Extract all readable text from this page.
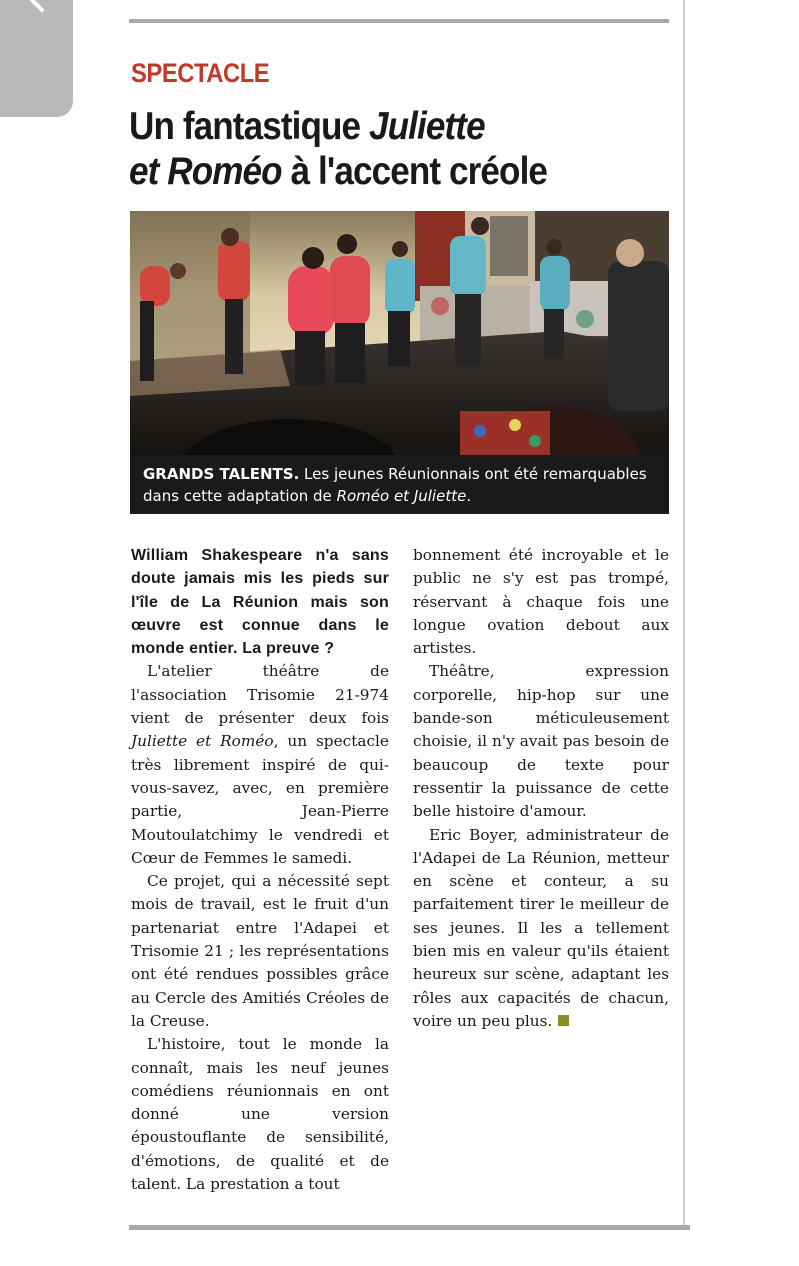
SPECTACLE
Un fantastique Juliette
et Roméo à l'accent créole
GRANDS TALENTS. Les jeunes Réunionnais ont été remarquables dans cette adaptation de Roméo et Juliette.

William Shakespeare n'a sans doute jamais mis les pieds sur l'île de La Réunion mais son œuvre est connue dans le monde entier. La preuve ?

L'atelier théâtre de l'association Trisomie 21-974 vient de présenter deux fois Juliette et Roméo, un spectacle très librement inspiré de qui-vous-savez, avec, en première partie, Jean-Pierre Moutoulatchimy le vendredi et Cœur de Femmes le samedi.

Ce projet, qui a nécessité sept mois de travail, est le fruit d'un partenariat entre l'Adapei et Trisomie 21 ; les représentations ont été rendues possibles grâce au Cercle des Amitiés Créoles de la Creuse.

L'histoire, tout le monde la connaît, mais les neuf jeunes comédiens réunionnais en ont donné une version époustouflante de sensibilité, d'émotions, de qualité et de talent. La prestation a tout

bonnement été incroyable et le public ne s'y est pas trompé, réservant à chaque fois une longue ovation debout aux artistes.

Théâtre, expression corporelle, hip-hop sur une bande-son méticuleusement choisie, il n'y avait pas besoin de beaucoup de texte pour ressentir la puissance de cette belle histoire d'amour.

Eric Boyer, administrateur de l'Adapei de La Réunion, metteur en scène et conteur, a su parfaitement tirer le meilleur de ses jeunes. Il les a tellement bien mis en valeur qu'ils étaient heureux sur scène, adaptant les rôles aux capacités de chacun, voire un peu plus.
